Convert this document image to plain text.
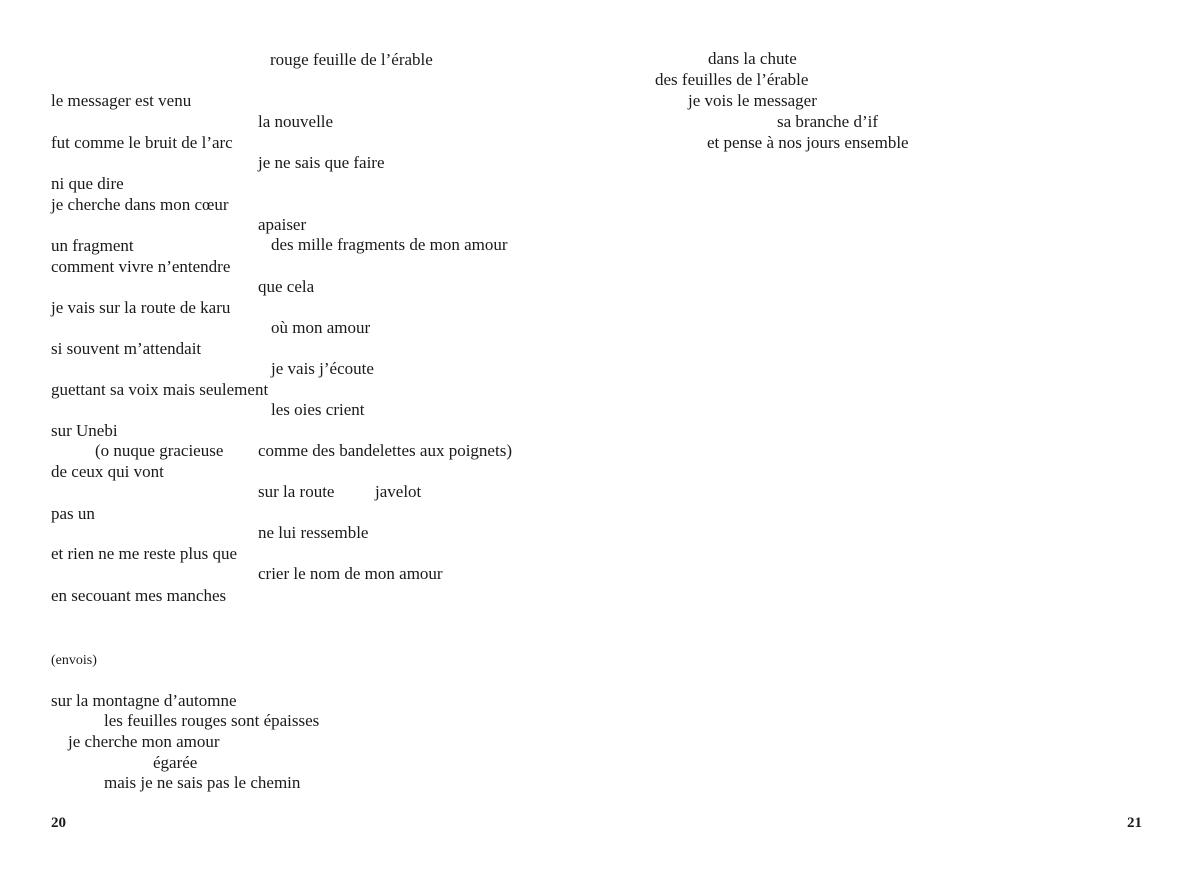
rouge feuille de l’érable
le messager est venu
la nouvelle
fut comme le bruit de l’arc
je ne sais que faire
ni que dire
je cherche dans mon cœur
apaiser
un fragment	des mille fragments de mon amour
comment vivre n’entendre
que cela
je vais sur la route de karu
où mon amour
si souvent m’attendait
je vais j’écoute
guettant sa voix mais seulement
les oies crient
sur Unebi
(o nuque gracieuse comme des bandelettes aux poignets)
de ceux qui vont
sur la route javelot
pas un
ne lui ressemble
et rien ne me reste plus que
crier le nom de mon amour
en secouant mes manches
(envois)
sur la montagne d’automne
les feuilles rouges sont épaisses
je cherche mon amour
égarée
mais je ne sais pas le chemin
20
dans la chute
des feuilles de l’érable
je vois le messager
sa branche d’if
et pense à nos jours ensemble
21
